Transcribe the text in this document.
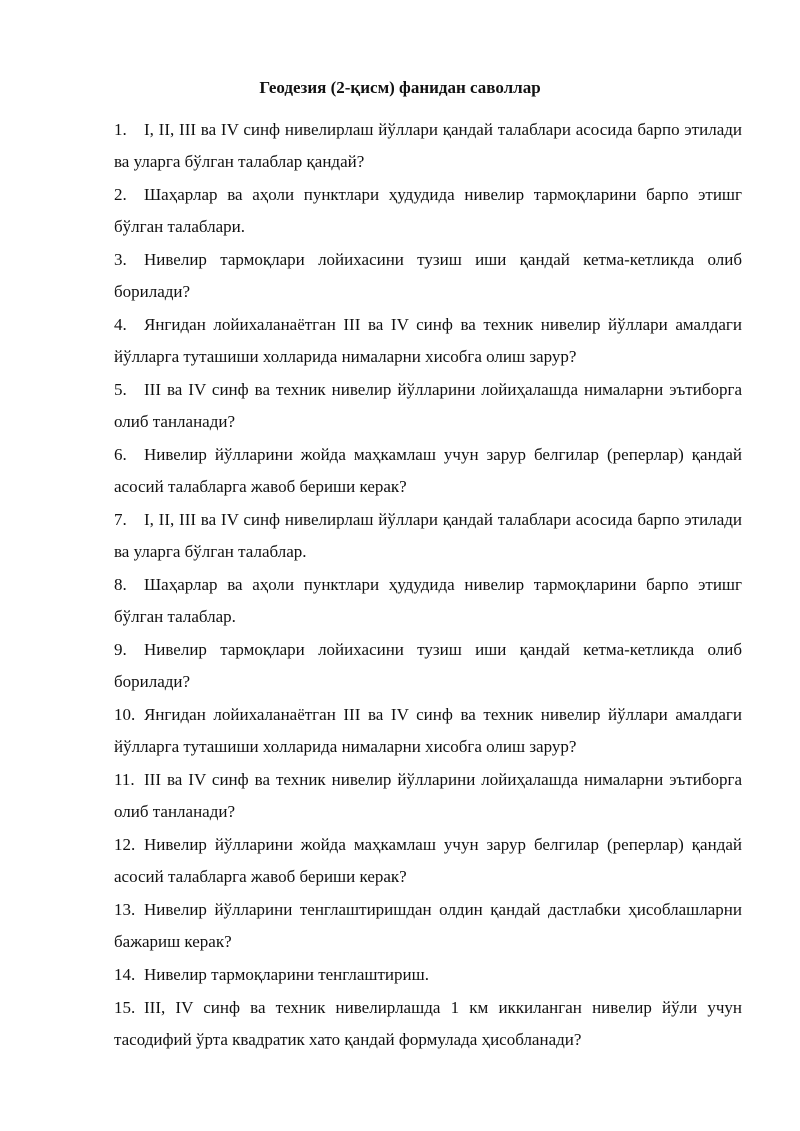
Геодезия (2-қисм) фанидан саволлар
1. I, II, III ва IV синф нивелирлаш йўллари қандай талаблари асосида барпо этилади ва уларга бўлган талаблар қандай?
2. Шаҳарлар ва аҳоли пунктлари ҳудудида нивелир тармоқларини барпо этишг бўлган талаблари.
3. Нивелир тармоқлари лойихасини тузиш иши қандай кетма-кетликда олиб борилади?
4. Янгидан лойихаланаётган III ва IV синф ва техник нивелир йўллари амалдаги йўлларга туташиши холларида нималарни хисобга олиш зарур?
5. III ва IV синф ва техник нивелир йўлларини лойиҳалашда нималарни эътиборга олиб танланади?
6. Нивелир йўлларини жойда маҳкамлаш учун зарур белгилар (реперлар) қандай асосий талабларга жавоб бериши керак?
7. I, II, III ва IV синф нивелирлаш йўллари қандай талаблари асосида барпо этилади ва уларга бўлган талаблар.
8. Шаҳарлар ва аҳоли пунктлари ҳудудида нивелир тармоқларини барпо этишг бўлган талаблар.
9. Нивелир тармоқлари лойихасини тузиш иши қандай кетма-кетликда олиб борилади?
10. Янгидан лойихаланаётган III ва IV синф ва техник нивелир йўллари амалдаги йўлларга туташиши холларида нималарни хисобга олиш зарур?
11. III ва IV синф ва техник нивелир йўлларини лойиҳалашда нималарни эътиборга олиб танланади?
12. Нивелир йўлларини жойда маҳкамлаш учун зарур белгилар (реперлар) қандай асосий талабларга жавоб бериши керак?
13. Нивелир йўлларини тенглаштиришдан олдин қандай дастлабки ҳисоблашларни бажариш керак?
14. Нивелир тармоқларини тенглаштириш.
15. III, IV синф ва техник нивелирлашда 1 км иккиланган нивелир йўли учун тасодифий ўрта квадратик хато қандай формулада ҳисобланади?
